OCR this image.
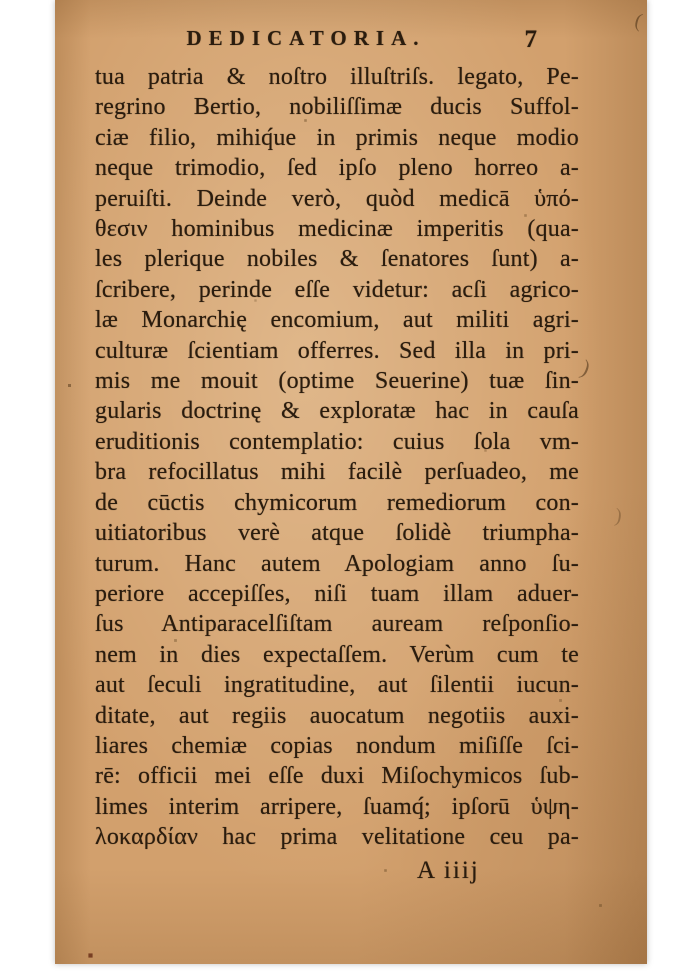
(
)
)
DEDICATORIA.	7
tua patria & noſtro illuſtriſs. legato, Pe-
regrino Bertio, nobiliſſimæ ducis Suffol-
ciæ filio, mihiq́ue in primis neque modio
neque trimodio, ſed ipſo pleno horreo a-
peruiſti. Deinde verò, quòd medicā ὑπό-
θεσιν hominibus medicinæ imperitis (qua-
les plerique nobiles & ſenatores ſunt) a-
ſcribere, perinde eſſe videtur: acſi agrico-
læ Monarchię encomium, aut militi agri-
culturæ ſcientiam offerres. Sed illa in pri-
mis me mouit (optime Seuerine) tuæ ſin-
gularis doctrinę & exploratæ hac in cauſa
eruditionis contemplatio: cuius ſola vm-
bra refocillatus mihi facilè perſuadeo, me
de cūctis chymicorum remediorum con-
uitiatoribus verè atque ſolidè triumpha-
turum. Hanc autem Apologiam anno ſu-
periore accepiſſes, niſi tuam illam aduer-
ſus Antiparacelſiſtam auream reſponſio-
nem in dies expectaſſem. Verùm cum te
aut ſeculi ingratitudine, aut ſilentii iucun-
ditate, aut regiis auocatum negotiis auxi-
liares chemiæ copias nondum miſiſſe ſci-
rē: officii mei eſſe duxi Miſochymicos ſub-
limes interim arripere, ſuamq́; ipſorū ὑψη-
λοκαρδίαν hac prima velitatione ceu pa-
A iiij
